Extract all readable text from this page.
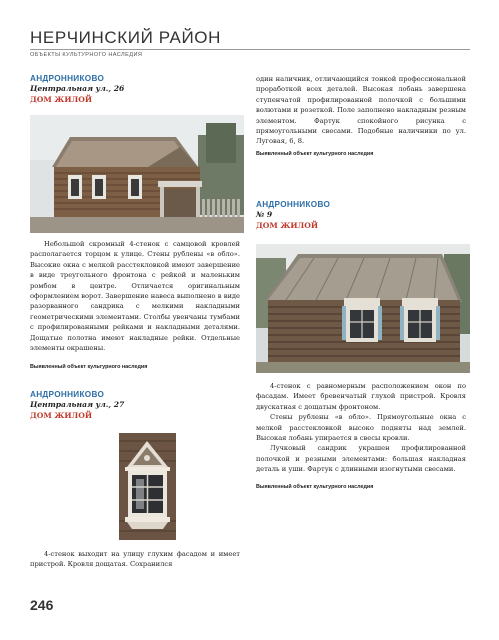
НЕРЧИНСКИЙ РАЙОН
ОБЪЕКТЫ КУЛЬТУРНОГО НАСЛЕДИЯ
АНДРОННИКОВО
Центральная ул., 26
ДОМ ЖИЛОЙ

Небольшой скромный 4-стенок с самцовой кровлей располагается торцом к улице. Стены рублены «в обло». Высокие окна с мелкой расстекловкой имеют завершение в виде треугольного фронтона с рейкой и маленьким ромбом в центре. Отличается оригинальным оформлением ворот. Завершение навеса выполнено в виде разорванного сандрика с мелкими накладными геометрическими элементами. Столбы увенчаны тумбами с профилированными рейками и накладными деталями. Дощатые полотна имеют накладные рейки. Отдельные элементы окрашены.

Выявленный объект культурного наследия
АНДРОННИКОВО
Центральная ул., 27
ДОМ ЖИЛОЙ

4-стенок выходит на улицу глухим фасадом и имеет пристрой. Кровля дощатая. Сохранился

один наличник, отличающийся тонкой профессиональной проработкой всех деталей. Высокая лобань завершена ступенчатой профилированной полочкой с большими волютами и розеткой. Поле заполнено накладным резным элементом. Фартук спокойного рисунка с прямоугольными свесами. Подобные наличники по ул. Луговая, 6, 8.

Выявленный объект культурного наследия
АНДРОННИКОВО
№ 9
ДОМ ЖИЛОЙ

4-стенок с равномерным расположением окон по фасадам. Имеет бревенчатый глухой пристрой. Кровля двускатная с дощатым фронтоном.

Стены рублены «в обло». Прямоугольные окна с мелкой расстекловкой высоко подняты над землей. Высокая лобань упирается в свесы кровли.

Лучковый сандрик украшен профилированной полочкой и резными элементами: большая накладная деталь и уши. Фартук с длинными изогнутыми свесами.

Выявленный объект культурного наследия
246
